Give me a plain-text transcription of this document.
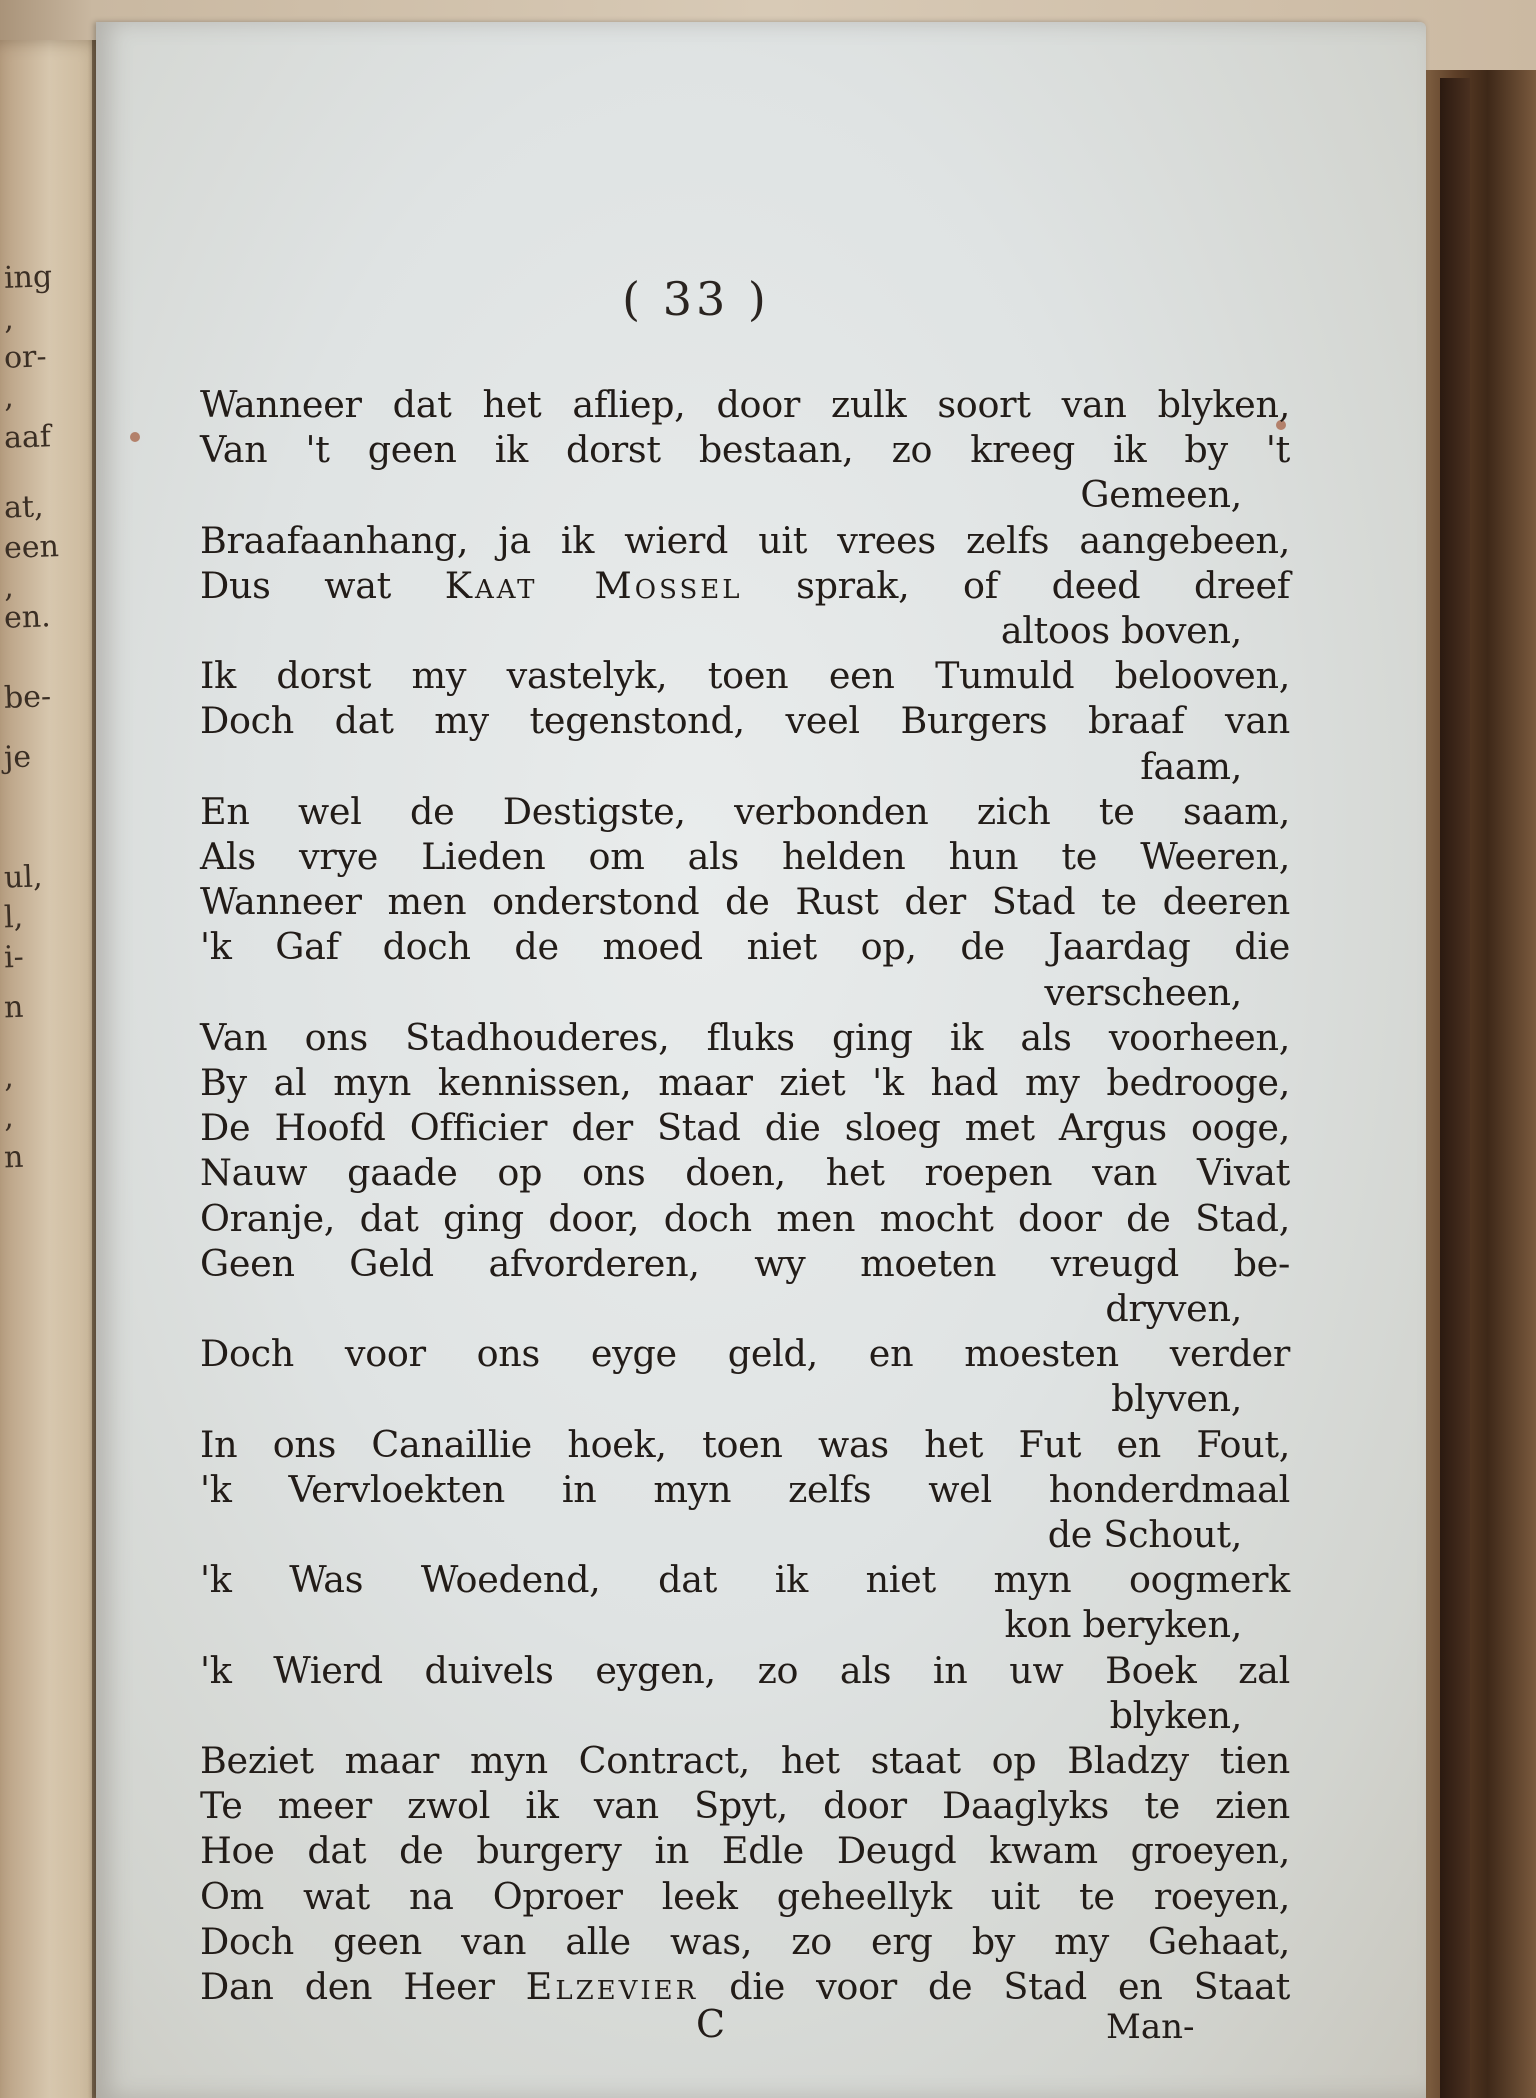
ing
,
or-
,
aaf
at,
een
,
en.
be-
je
ul,
l,
i-
n
,
,
n
( 33 )
Wanneer dat het afliep, door zulk soort van blyken,
Van 't geen ik dorst bestaan, zo kreeg ik by 't
Gemeen,
Braafaanhang, ja ik wierd uit vrees zelfs aangebeen,
Dus wat Kaat Mossel sprak, of deed dreef
altoos boven,
Ik dorst my vastelyk, toen een Tumuld belooven,
Doch dat my tegenstond, veel Burgers braaf van
faam,
En wel de Destigste, verbonden zich te saam,
Als vrye Lieden om als helden hun te Weeren,
Wanneer men onderstond de Rust der Stad te deeren
'k Gaf doch de moed niet op, de Jaardag die
verscheen,
Van ons Stadhouderes, fluks ging ik als voorheen,
By al myn kennissen, maar ziet 'k had my bedrooge,
De Hoofd Officier der Stad die sloeg met Argus ooge,
Nauw gaade op ons doen, het roepen van Vivat
Oranje, dat ging door, doch men mocht door de Stad,
Geen Geld afvorderen, wy moeten vreugd be-
dryven,
Doch voor ons eyge geld, en moesten verder
blyven,
In ons Canaillie hoek, toen was het Fut en Fout,
'k Vervloekten in myn zelfs wel honderdmaal
de Schout,
'k Was Woedend, dat ik niet myn oogmerk
kon beryken,
'k Wierd duivels eygen, zo als in uw Boek zal
blyken,
Beziet maar myn Contract, het staat op Bladzy tien
Te meer zwol ik van Spyt, door Daaglyks te zien
Hoe dat de burgery in Edle Deugd kwam groeyen,
Om wat na Oproer leek geheellyk uit te roeyen,
Doch geen van alle was, zo erg by my Gehaat,
Dan den Heer Elzevier die voor de Stad en Staat
C	Man-
